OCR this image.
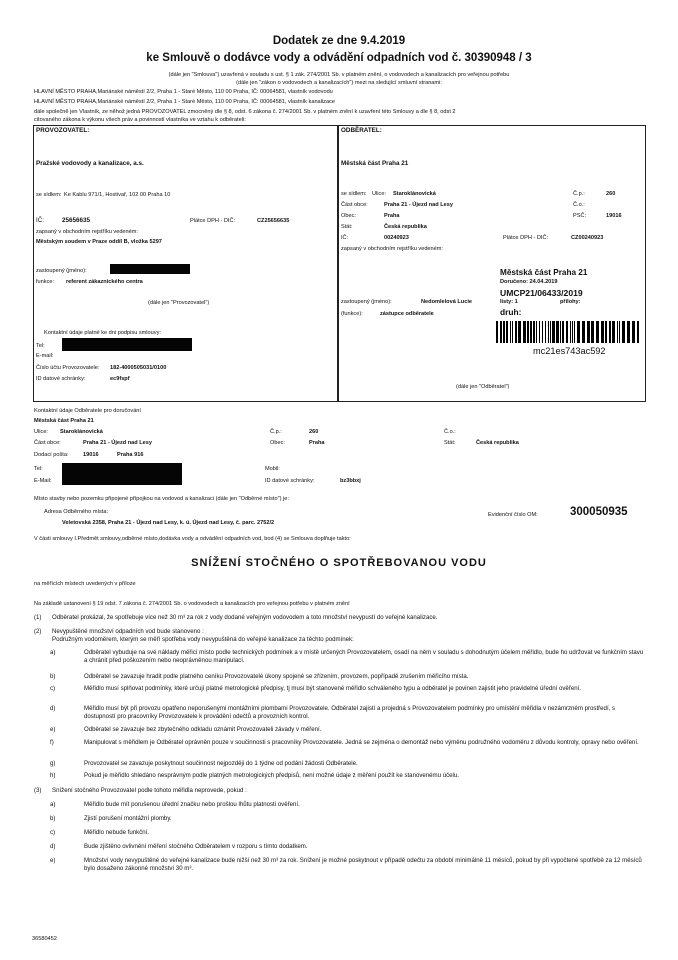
Dodatek ze dne 9.4.2019
ke Smlouvě o dodávce vody a odvádění odpadních vod č. 30390948 / 3
(dále jen "Smlouva") uzavřená v souladu s ust. § 1 zák. 274/2001 Sb. v platném znění, o vodovodech a kanalizacích pro veřejnou potřebu
(dále jen "zákon o vodovodech a kanalizacích") mezi na sledující smluvní stranami:
HLAVNÍ MĚSTO PRAHA,Mariánské náměstí 2/2, Praha 1 - Staré Město, 110 00 Praha, IČ: 00064581, vlastník vodovodu
HLAVNÍ MĚSTO PRAHA,Mariánské náměstí 2/2, Praha 1 - Staré Město, 110 00 Praha, IČ: 00064581, vlastník kanalizace
dále společně jen Vlastník, ze něhož jedná PROVOZOVATEL zmocněný dle § 8, odst. 6 zákona č. 274/2001 Sb. v platném znění k uzavření této Smlouvy a dle § 8, odst 2
citovaného zákona k výkonu všech práv a povinností vlastníka ve vztahu k odběrateli:
PROVOZOVATEL:
Pražské vodovody a kanalizace, a.s.
se sídlem: Ke Kablu 971/1, Hostivař, 102 00 Praha 10
IČ:	25656635	Plátce DPH - DIČ:	CZ25656635
zapsaný v obchodním rejstříku vedeném:
Městským soudem v Praze oddíl B, vložka 5297
zastoupený (jméno):
funkce: referent zákaznického centra
(dále jen "Provozovatel")
Kontaktní údaje platné ke dni podpisu smlouvy:
Tel:
E-mail:
Číslo účtu Provozovatele: 182-4000505031/0100
ID datové schránky:	ec9fspf
ODBĚRATEL:
Městská část Praha 21
se sídlem: Ulice: Staroklánovická	Č.p.:	260
Část obce:	Praha 21 - Újezd nad Lesy	Č.o.:
Obec:	Praha	PSČ:	19016
Stát:	Česká republika
IČ:	00240923	Plátce DPH - DIČ:	CZ00240923
zapsaný v obchodním rejstříku vedeném:
Městská část Praha 21
Doručeno: 24.04.2019
UMCP21/06433/2019
listy: 1	přílohy:
druh:
mc21es743ac592
zastoupený (jméno):	Nedomlelová Lucie
(funkce):	zástupce odběratele
(dále jen "Odběratel")
Kontaktní údaje Odběratele pro doručování
Městská část Praha 21
Ulice: Staroklánovická	Č.p.:	260	Č.o.:
Část obce:	Praha 21 - Újezd nad Lesy	Obec:	Praha	Stát:	Česká republika
Dodací pošta:	19016	Praha 916
Tel:	Mobil:
E-Mail:	ID datové schránky:	bz3bbxj
Místo stavby nebo pozemku připojené přípojkou na vodovod a kanalizaci (dále jen "Odběrné místo") je:
Adresa Odběrného místa:
Veletovská 2358, Praha 21 - Újezd nad Lesy, k. ú. Újezd nad Lesy, č. parc. 2752/2
Evidenční číslo OM:	300050935
V části smlouvy I.Předmět smlouvy,odběrné místo,dodávka vody a odvádění odpadních vod, bod (4) se Smlouva doplňuje takto:
SNÍŽENÍ STOČNÉHO O SPOTŘEBOVANOU VODU
na měřících místech uvedených v příloze
Na základě ustanovení § 19 odst. 7 zákona č. 274/2001 Sb. o vodovodech a kanalizacích pro veřejnou potřebu v platném znění
(1) Odběratel prokázal, že spotřebuje více než 30 m³ za rok z vody dodané veřejným vodovodem a toto množství nevypustí do veřejné kanalizace.
(2) Nevypuštěné množství odpadních vod bude stanoveno :
Podružným vodoměrem, kterým se měří spotřeba vody nevypuštěná do veřejné kanalizace za těchto podmínek:
a)	Odběratel vybuduje na své náklady měřicí místo podle technických podmínek a v místě určených Provozovatelem, osadí na něm v souladu s dohodnutým účelem měřidlo, bude ho udržovat ve funkčním stavu a chránit před poškozením nebo neoprávněnou manipulací.
b)	Odběratel se zavazuje hradit podle platného ceníku Provozovatelé úkony spojené se zřízením, provozem, popřípadě zrušením měřicího místa.
c)	Měřidlo musí splňovat podmínky, které určují platné metrologické předpisy, tj musí být stanovené měřidlo schváleného typu a odběratel je povinen zajistit jeho pravidelné úřední ověření.
d)	Měřidlo musí být při provozu opatřeno neporušenými montážními plombami Provozovatele. Odběratel zajistí a projedná s Provozovatelem podmínky pro umístění měřidla v nezámrzném prostředí, s dostupností pro pracovníky Provozovatele k provádění odečtů a provozních kontrol.
e)	Odběratel se zavazuje bez zbytečného odkladu oznámit Provozovateli závady v měření.
f)	Manipulovat s měřidlem je Odběratel oprávněn pouze v součinnosti s pracovníky Provozovatele. Jedná se zejména o demontáž nebo výměnu podružného vodoměru z důvodu kontroly, opravy nebo ověření.
g)	Provozovatel se zavazuje poskytnout součinnost nejpozději do 1 týdne od podání žádosti Odběratele.
h)	Pokud je měřidlo shledáno nesprávným podle platných metrologických předpisů, není možné údaje z měření použít ke stanovenému účelu.
(3) Snížení stočného Provozovatel podle tohoto měřidla neprovede, pokud :
a)	Měřidlo bude mít porušenou úřední značku nebo prošlou lhůtu platnosti ověření.
b)	Zjistí porušení montážní plomby.
c)	Měřidlo nebude funkční.
d)	Bude zjištěno ovlivnění měření stočného Odběratelem v rozporu s tímto dodatkem.
e)	Množství vody nevypuštěné do veřejné kanalizace bude nižší než 30 m³ za rok. Snížení je možné poskytnout v případě odečtu za období minimálně 11 měsíců, pokud by při vypočtené spotřebě za 12 měsíců bylo dosaženo zákonné množství 30 m³.
36580452
